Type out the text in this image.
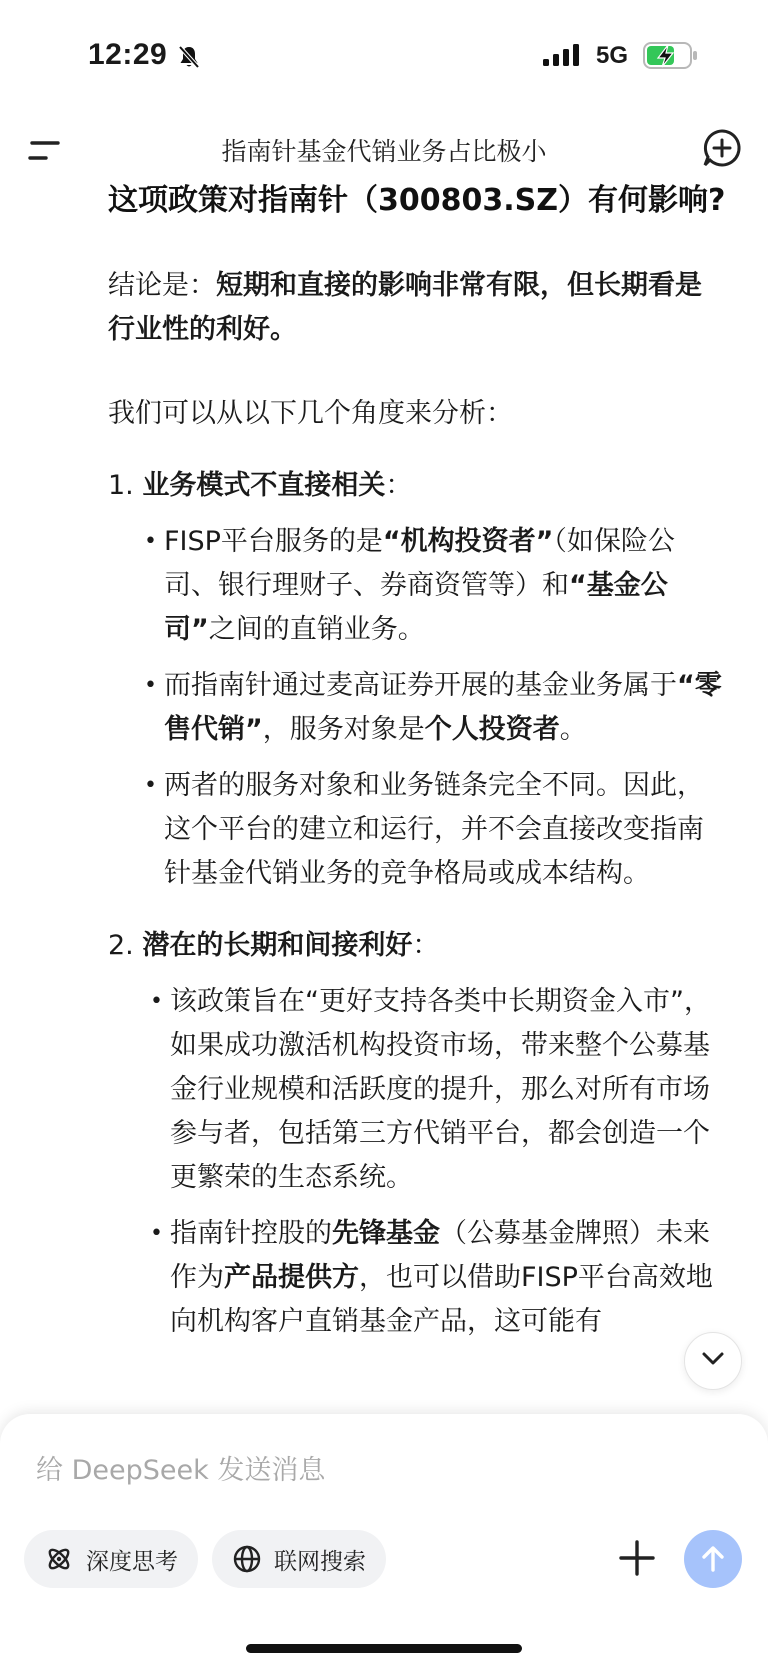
12:29	5G
指南针基金代销业务占比极小
这项政策对指南针（300803.SZ）有何影响?

结论是：短期和直接的影响非常有限，但长期看是行业性的利好。

我们可以从以下几个角度来分析：

1. 业务模式不直接相关：
• FISP平台服务的是“机构投资者”（如保险公司、银行理财子、券商资管等）和“基金公司”之间的直销业务。
• 而指南针通过麦高证券开展的基金业务属于“零售代销”，服务对象是个人投资者。
• 两者的服务对象和业务链条完全不同。因此，这个平台的建立和运行，并不会直接改变指南针基金代销业务的竞争格局或成本结构。
2. 潜在的长期和间接利好：
• 该政策旨在“更好支持各类中长期资金入市”，如果成功激活机构投资市场，带来整个公募基金行业规模和活跃度的提升，那么对所有市场参与者，包括第三方代销平台，都会创造一个更繁荣的生态系统。
• 指南针控股的先锋基金（公募基金牌照）未来作为产品提供方，也可以借助FISP平台高效地向机构客户直销基金产品，这可能有
给 DeepSeek 发送消息
深度思考	联网搜索
